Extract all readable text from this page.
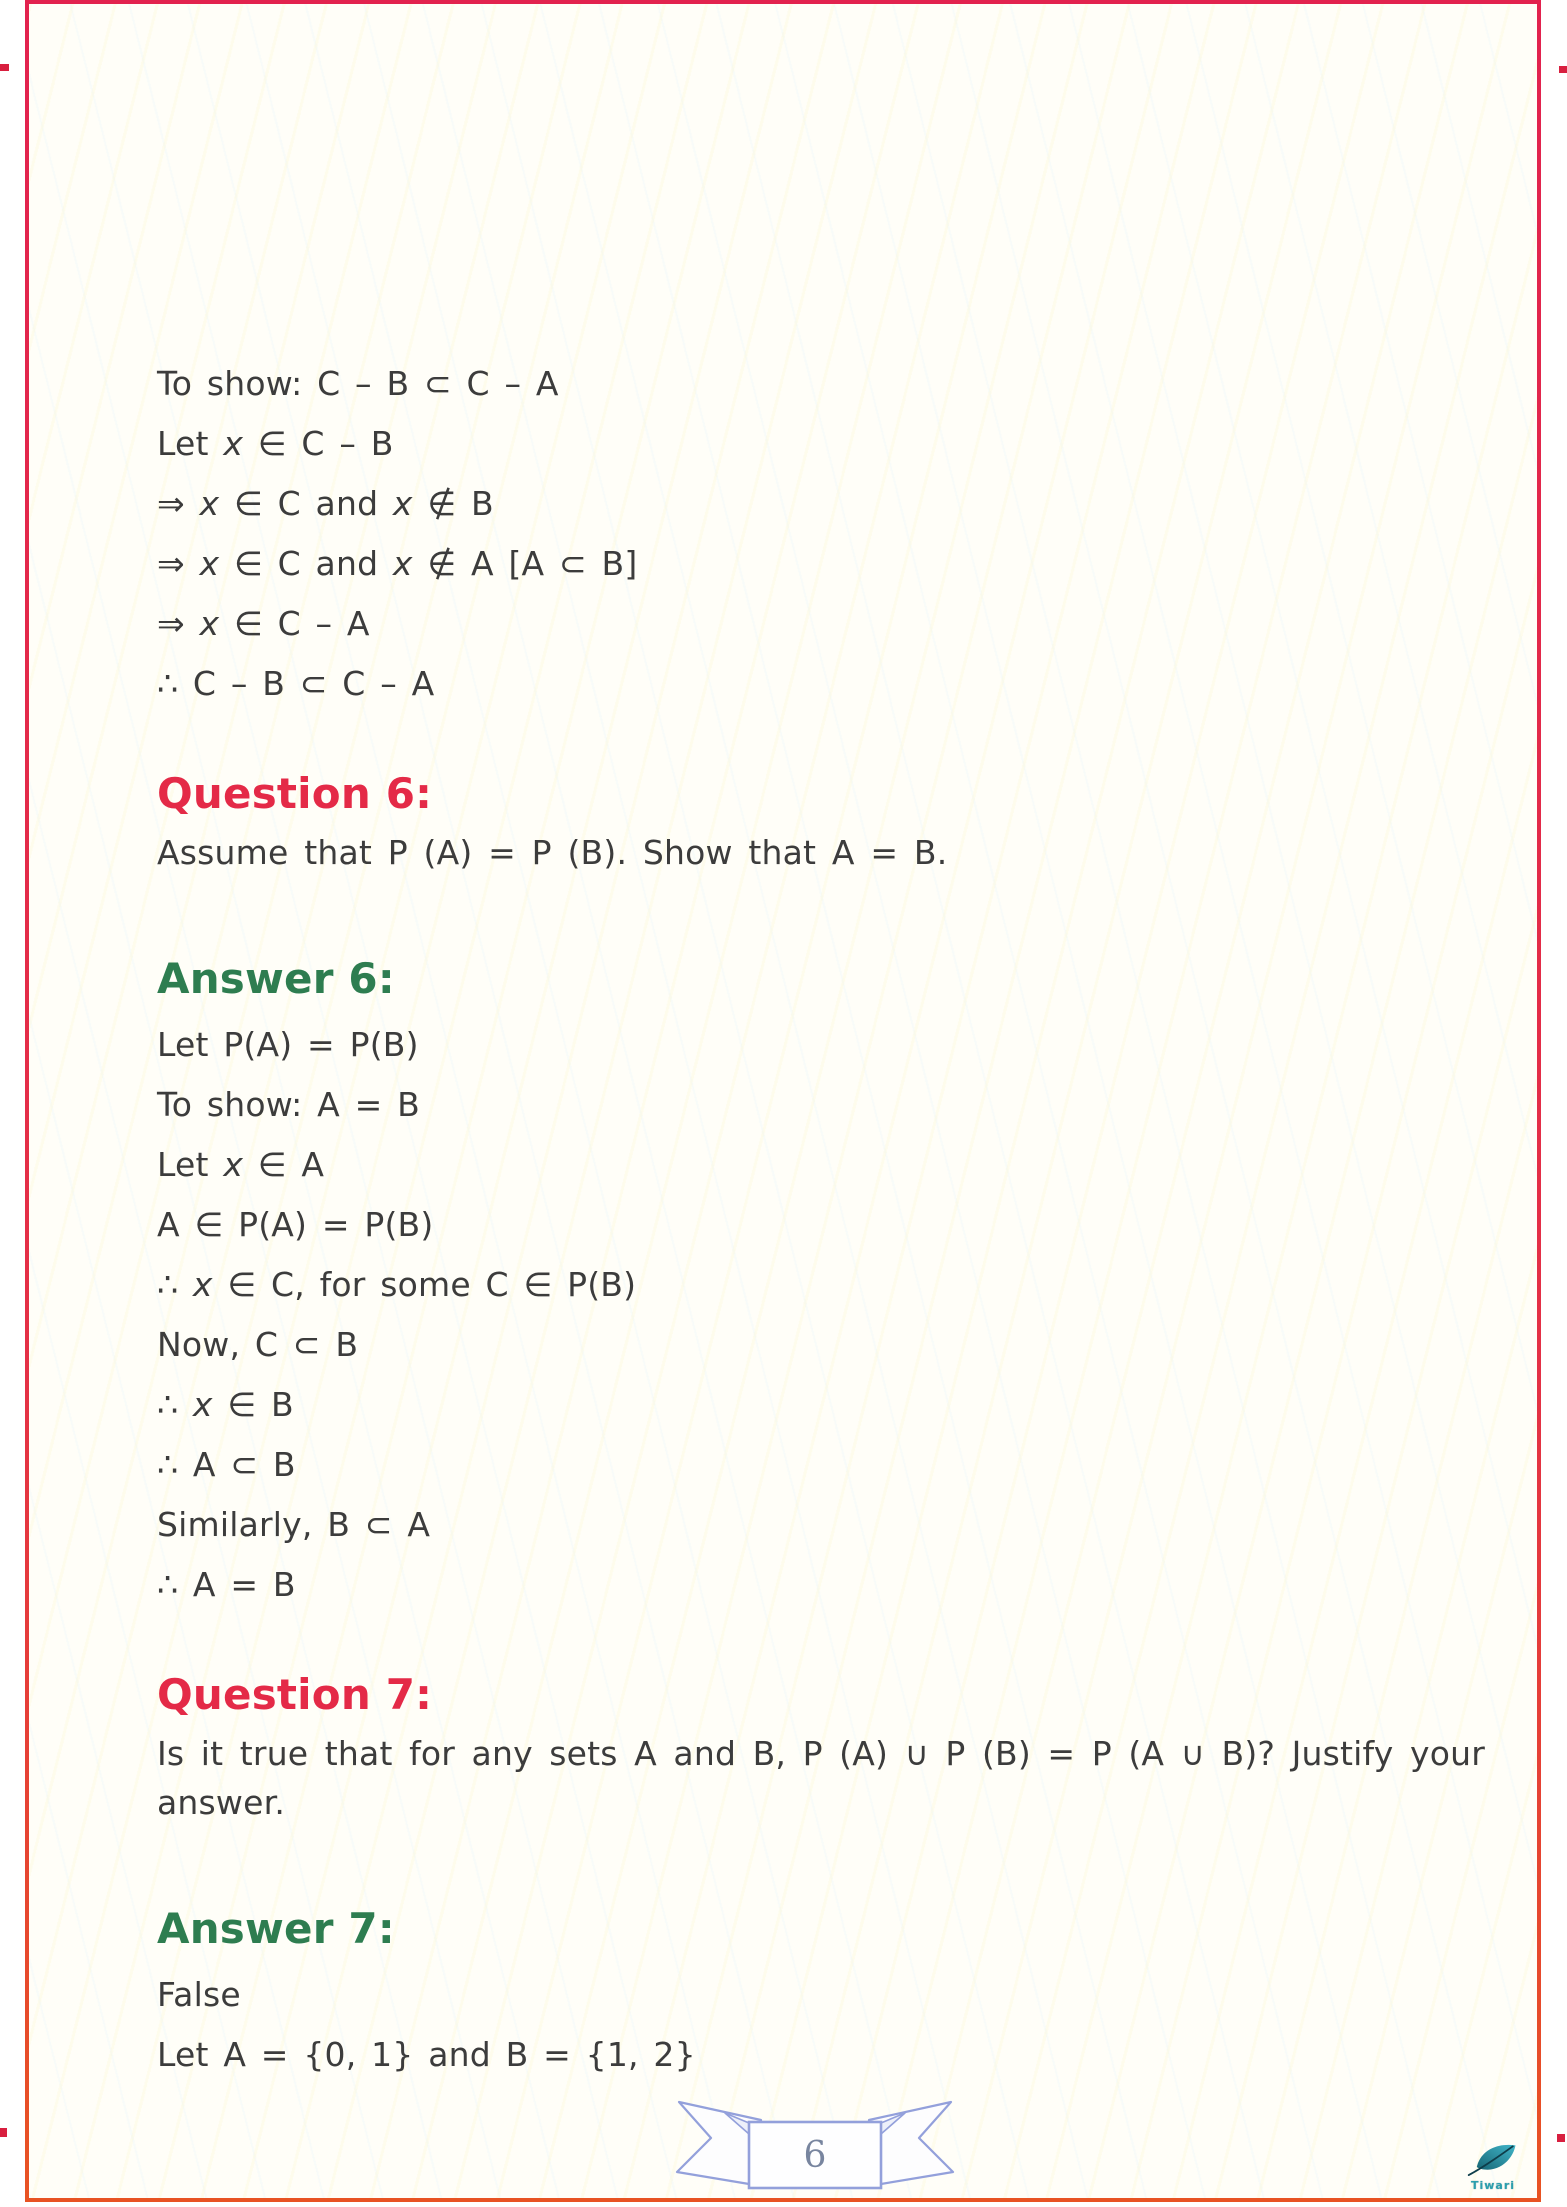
To show: C – B ⊂ C – A

Let x ∈ C – B

⇒ x ∈ C and x ∉ B

⇒ x ∈ C and x ∉ A [A ⊂ B]

⇒ x ∈ C – A

∴ C – B ⊂ C – A

Question 6:

Assume that P (A) = P (B). Show that A = B.

Answer 6:

Let P(A) = P(B)

To show: A = B

Let x ∈ A

A ∈ P(A) = P(B)

∴ x ∈ C, for some C ∈ P(B)

Now, C ⊂ B

∴ x ∈ B

∴ A ⊂ B

Similarly, B ⊂ A

∴ A = B

Question 7:

Is it true that for any sets A and B, P (A) ∪ P (B) = P (A ∪ B)? Justify your answer.

Answer 7:

False

Let A = {0, 1} and B = {1, 2}

6
Tiwari
